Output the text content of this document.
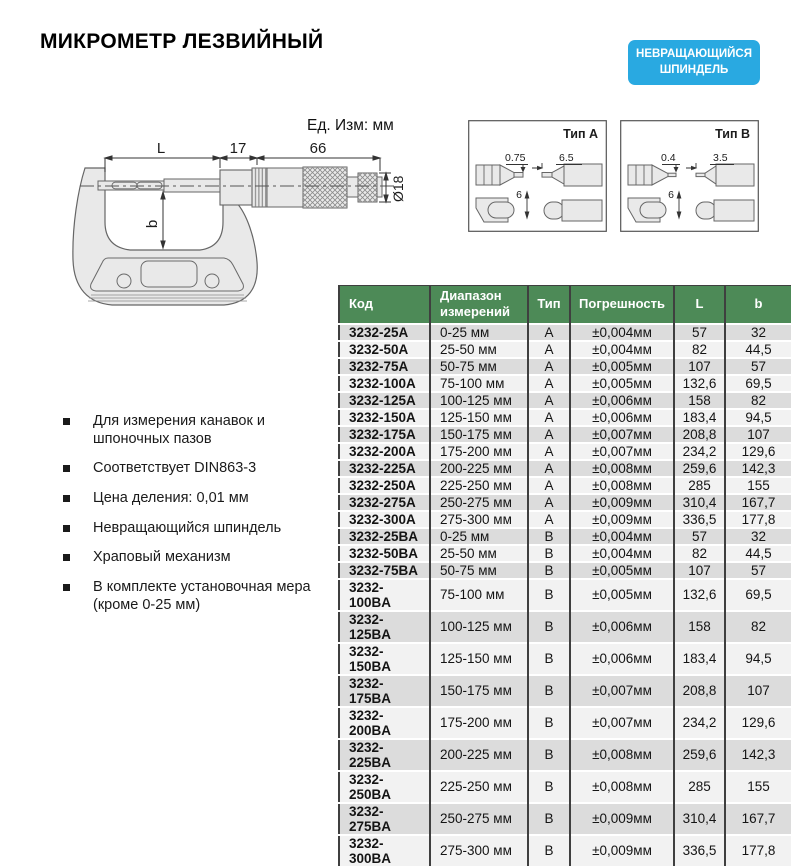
МИКРОМЕТР ЛЕЗВИЙНЫЙ
НЕВРАЩАЮЩИЙСЯ
ШПИНДЕЛЬ
Ед. Изм: мм
L	17	66
b
Ø18
Тип A
0.75	6.5
6
Тип B
0.4	3.5
6
Для измерения канавок и шпоночных пазов
Соответствует DIN863-3
Цена деления: 0,01 мм
Невращающийся шпиндель
Храповый механизм
В комплекте установочная мера (кроме 0-25 мм)
Код	Диапазон измерений	Тип	Погрешность	L	b
3232-25A	0-25 мм	A	±0,004мм	57	32
3232-50A	25-50 мм	A	±0,004мм	82	44,5
3232-75A	50-75 мм	A	±0,005мм	107	57
3232-100A	75-100 мм	A	±0,005мм	132,6	69,5
3232-125A	100-125 мм	A	±0,006мм	158	82
3232-150A	125-150 мм	A	±0,006мм	183,4	94,5
3232-175A	150-175 мм	A	±0,007мм	208,8	107
3232-200A	175-200 мм	A	±0,007мм	234,2	129,6
3232-225A	200-225 мм	A	±0,008мм	259,6	142,3
3232-250A	225-250 мм	A	±0,008мм	285	155
3232-275A	250-275 мм	A	±0,009мм	310,4	167,7
3232-300A	275-300 мм	A	±0,009мм	336,5	177,8
3232-25BA	0-25 мм	B	±0,004мм	57	32
3232-50BA	25-50 мм	B	±0,004мм	82	44,5
3232-75BA	50-75 мм	B	±0,005мм	107	57
3232-100BA	75-100 мм	B	±0,005мм	132,6	69,5
3232-125BA	100-125 мм	B	±0,006мм	158	82
3232-150BA	125-150 мм	B	±0,006мм	183,4	94,5
3232-175BA	150-175 мм	B	±0,007мм	208,8	107
3232-200BA	175-200 мм	B	±0,007мм	234,2	129,6
3232-225BA	200-225 мм	B	±0,008мм	259,6	142,3
3232-250BA	225-250 мм	B	±0,008мм	285	155
3232-275BA	250-275 мм	B	±0,009мм	310,4	167,7
3232-300BA	275-300 мм	B	±0,009мм	336,5	177,8
